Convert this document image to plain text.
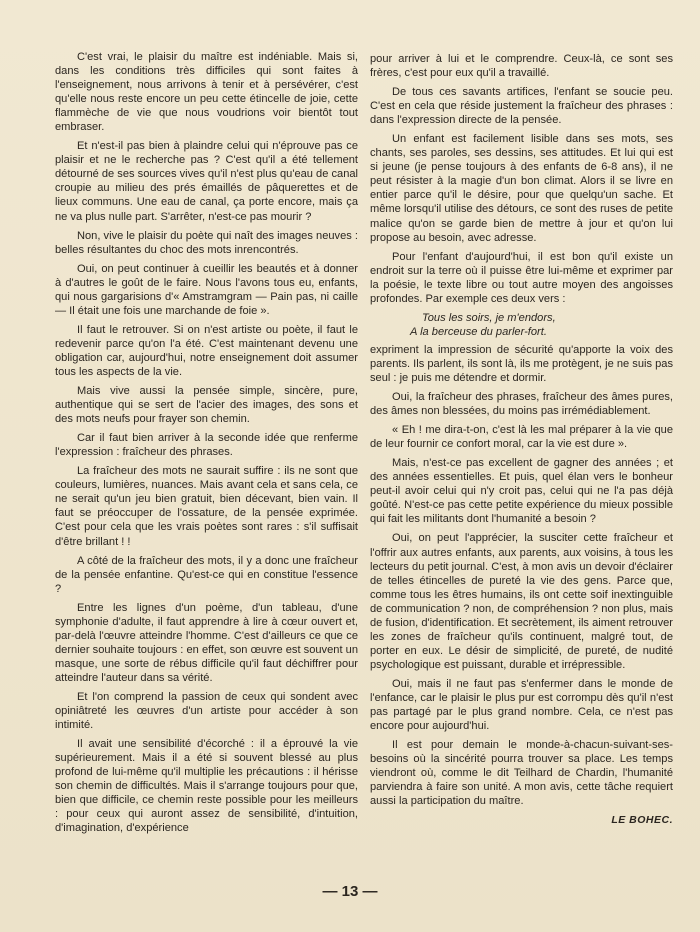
C'est vrai, le plaisir du maître est indéniable. Mais si, dans les conditions très difficiles qui sont faites à l'enseignement, nous arrivons à tenir et à persévérer, c'est qu'elle nous reste encore un peu cette étincelle de joie, cette flammèche de vie que nous voudrions voir bientôt tout embraser.

Et n'est-il pas bien à plaindre celui qui n'éprouve pas ce plaisir et ne le recherche pas ? C'est qu'il a été tellement détourné de ses sources vives qu'il n'est plus qu'eau de canal croupie au milieu des prés émaillés de pâquerettes et de lieux communs. Une eau de canal, ça porte encore, mais ça ne va plus nulle part. S'arrêter, n'est-ce pas mourir ?

Non, vive le plaisir du poète qui naît des images neuves : belles résultantes du choc des mots inrencontrés.

Oui, on peut continuer à cueillir les beautés et à donner à d'autres le goût de le faire. Nous l'avons tous eu, enfants, qui nous gargarisions d'« Amstramgram — Pain pas, ni caille — Il était une fois une marchande de foie ».

Il faut le retrouver. Si on n'est artiste ou poète, il faut le redevenir parce qu'on l'a été. C'est maintenant devenu une obligation car, aujourd'hui, notre enseignement doit assumer tous les aspects de la vie.

Mais vive aussi la pensée simple, sincère, pure, authentique qui se sert de l'acier des images, des sons et des mots neufs pour frayer son chemin.

Car il faut bien arriver à la seconde idée que renferme l'expression : fraîcheur des phrases.

La fraîcheur des mots ne saurait suffire : ils ne sont que couleurs, lumières, nuances. Mais avant cela et sans cela, ce ne serait qu'un jeu bien gratuit, bien décevant, bien vain. Il faut se préoccuper de l'ossature, de la pensée exprimée. C'est pour cela que les vrais poètes sont rares : s'il suffisait d'être brillant ! !

A côté de la fraîcheur des mots, il y a donc une fraîcheur de la pensée enfantine. Qu'est-ce qui en constitue l'essence ?

Entre les lignes d'un poème, d'un tableau, d'une symphonie d'adulte, il faut apprendre à lire à cœur ouvert et, par-delà l'œuvre atteindre l'homme. C'est d'ailleurs ce que ce dernier souhaite toujours : en effet, son œuvre est souvent un masque, une sorte de rébus difficile qu'il faut déchiffrer pour atteindre l'auteur dans sa vérité.

Et l'on comprend la passion de ceux qui sondent avec opiniâtreté les œuvres d'un artiste pour accéder à son intimité.

Il avait une sensibilité d'écorché : il a éprouvé la vie supérieurement. Mais il a été si souvent blessé au plus profond de lui-même qu'il multiplie les précautions : il hérisse son chemin de difficultés. Mais il s'arrange toujours pour que, bien que difficile, ce chemin reste possible pour les meilleurs : pour ceux qui auront assez de sensibilité, d'intuition, d'imagination, d'expérience

pour arriver à lui et le comprendre. Ceux-là, ce sont ses frères, c'est pour eux qu'il a travaillé.

De tous ces savants artifices, l'enfant se soucie peu. C'est en cela que réside justement la fraîcheur des phrases : dans l'expression directe de la pensée.

Un enfant est facilement lisible dans ses mots, ses chants, ses paroles, ses dessins, ses attitudes. Et lui qui est si jeune (je pense toujours à des enfants de 6-8 ans), il ne peut résister à la magie d'un bon climat. Alors il se livre en entier parce qu'il le désire, pour que quelqu'un sache. Et même lorsqu'il utilise des détours, ce sont des ruses de petite malice qu'on se garde bien de mettre à jour et qu'on lui propose au besoin, avec adresse.

Pour l'enfant d'aujourd'hui, il est bon qu'il existe un endroit sur la terre où il puisse être lui-même et exprimer par la poésie, le texte libre ou tout autre moyen des angoisses profondes. Par exemple ces deux vers :

Tous les soirs, je m'endors,
A la berceuse du parler-fort.

expriment la impression de sécurité qu'apporte la voix des parents. Ils parlent, ils sont là, ils me protègent, je ne suis pas seul : je puis me détendre et dormir.

Oui, la fraîcheur des phrases, fraîcheur des âmes pures, des âmes non blessées, du moins pas irrémédiablement.

« Eh ! me dira-t-on, c'est là les mal préparer à la vie que de leur fournir ce confort moral, car la vie est dure ».

Mais, n'est-ce pas excellent de gagner des années ; et des années essentielles. Et puis, quel élan vers le bonheur peut-il avoir celui qui n'y croit pas, celui qui ne l'a pas déjà goûté. N'est-ce pas cette petite expérience du mieux possible qui fait les militants dont l'humanité a besoin ?

Oui, on peut l'apprécier, la susciter cette fraîcheur et l'offrir aux autres enfants, aux parents, aux voisins, à tous les lecteurs du petit journal. C'est, à mon avis un devoir d'éclairer de telles étincelles de pureté la vie des gens. Parce que, comme tous les êtres humains, ils ont cette soif inextinguible de communication ? non, de compréhension ? non plus, mais de fusion, d'identification. Et secrètement, ils aiment retrouver les zones de fraîcheur qu'ils continuent, malgré tout, de porter en eux. Le désir de simplicité, de pureté, de nudité psychologique est puissant, durable et irrépressible.

Oui, mais il ne faut pas s'enfermer dans le monde de l'enfance, car le plaisir le plus pur est corrompu dès qu'il n'est pas partagé par le plus grand nombre. Cela, ce n'est pas encore pour aujourd'hui.

Il est pour demain le monde-à-chacun-suivant-ses-besoins où la sincérité pourra trouver sa place. Les temps viendront où, comme le dit Teilhard de Chardin, l'humanité parviendra à faire son unité. A mon avis, cette tâche requiert aussi la participation du maître.

LE BOHEC.

— 13 —
